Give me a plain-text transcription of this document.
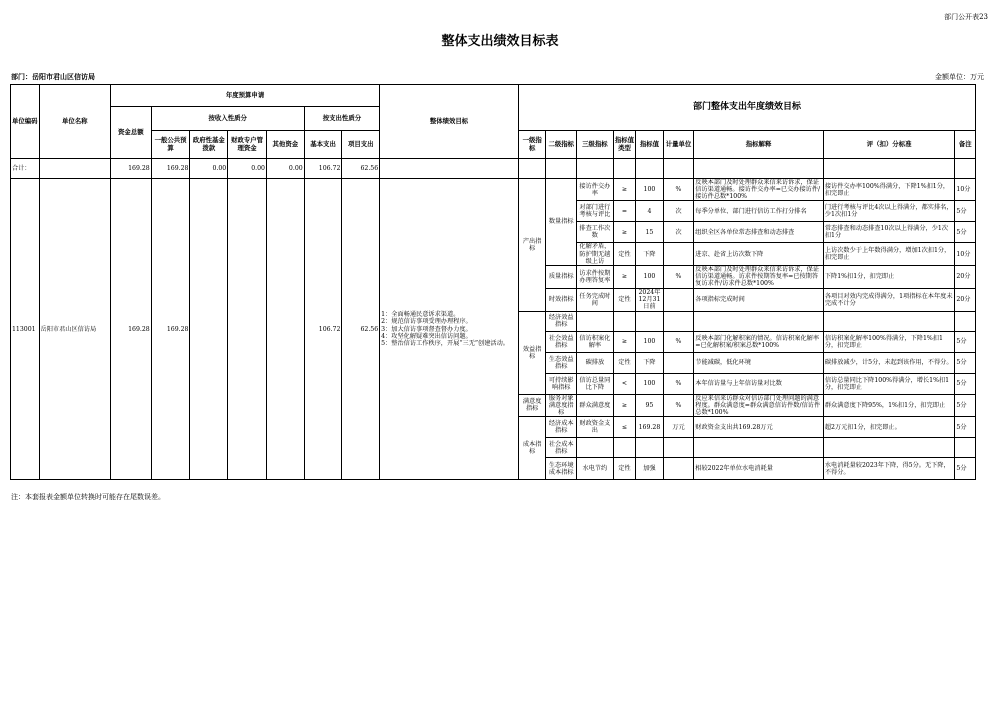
部门公开表23
整体支出绩效目标表
部门：岳阳市君山区信访局	金额单位：万元
单位编码	单位名称	年度预算申请							整体绩效目标	部门整体支出年度绩效目标								
		资金总额	按收入性质分				按支出性质分											
			一般公共预算	政府性基金拨款	财政专户管理资金	其他资金	基本支出	项目支出		一级指标	二级指标	三级指标	指标值类型	指标值	计量单位	指标解释	评（扣）分标准	备注
合计：		169.28	169.28	0.00	0.00	0.00	106.72	62.56										
113001	岳阳市君山区信访局	169.28	169.28				106.72	62.56	1：全面畅通民意诉求渠道。
2：规范信访事项受理办理程序。
3：加大信访事项督查督办力度。
4：攻坚化解疑难突出信访问题。
5：整治信访工作秩序，开展“三无”创建活动。	产出指标	数量指标	接访件交办率	≥	100	%	反映本部门及时处理群众来信来访诉求，保证信访渠道通畅。接访件交办率=已交办接访件/接访件总数*100%	接访件交办率100%得满分，下降1%扣1分，扣完即止	10分
												对部门进行考核与评比	=	4	次	每季分单位、部门进行信访工作打分排名	门进行考核与评比4次以上得满分，都实排名，少1次扣1分	5分
												排查工作次数	≥	15	次	组织全区各单位常态排查和动态排查	常态排查和动态排查10次以上得满分，少1次扣1分	5分
												化解矛盾，防护期无越级上访	定性	下降		进京、赴省上访次数下降	上访次数少于上年数得满分，增加1次扣1分，扣完即止	10分
											质量指标	访求件按期办理答复率	≥	100	%	反映本部门及时处理群众来信来访诉求，保证信访渠道通畅。访求件按期答复率=已按期答复访求件/访求件总数*100%	下降1%扣1分，扣完即止	20分
											时效指标	任务完成时间	定性	2024年12月31日前		各项指标完成时间	各项目对效内完成得满分，1项指标在本年度未完成不计分	20分
										效益指标	经济效益指标							
											社会效益指标	信访积案化解率	≥	100	%	反映本部门化解积案的情况。信访积案化解率=已化解积案/积案总数*100%	信访积案化解率100%得满分，下降1%扣1分，扣完即止	5分
											生态效益指标	碳排放	定性	下降		节能减碳，低化环境	碳排放减少，计5分，未起到该作用，不得分。	5分
											可持续影响指标	信访总量同比下降	<	100	%	本年信访量与上年信访量对比数	信访总量同比下降100%得满分，增长1%扣1分，扣完即止	5分
										满意度指标	服务对象满意度指标	群众满意度	≥	95	%	反应来信来访群众对信访部门处理问题的满意程度。群众满意度=群众满意信访件数/信访件总数*100%	群众满意度下降95%，1%扣1分，扣完即止	5分
										成本指标	经济成本指标	财政资金支出	≤	169.28	万元	财政资金支出共169.28万元	超2万元扣1分，扣完即止。	5分
											社会成本指标							
											生态环境成本指标	水电节约	定性	加强		相较2022年单位水电消耗量	水电消耗量较2023年下降，得5分。无下降，不得分。	5分
注：本套报表金额单位转换时可能存在尾数误差。
